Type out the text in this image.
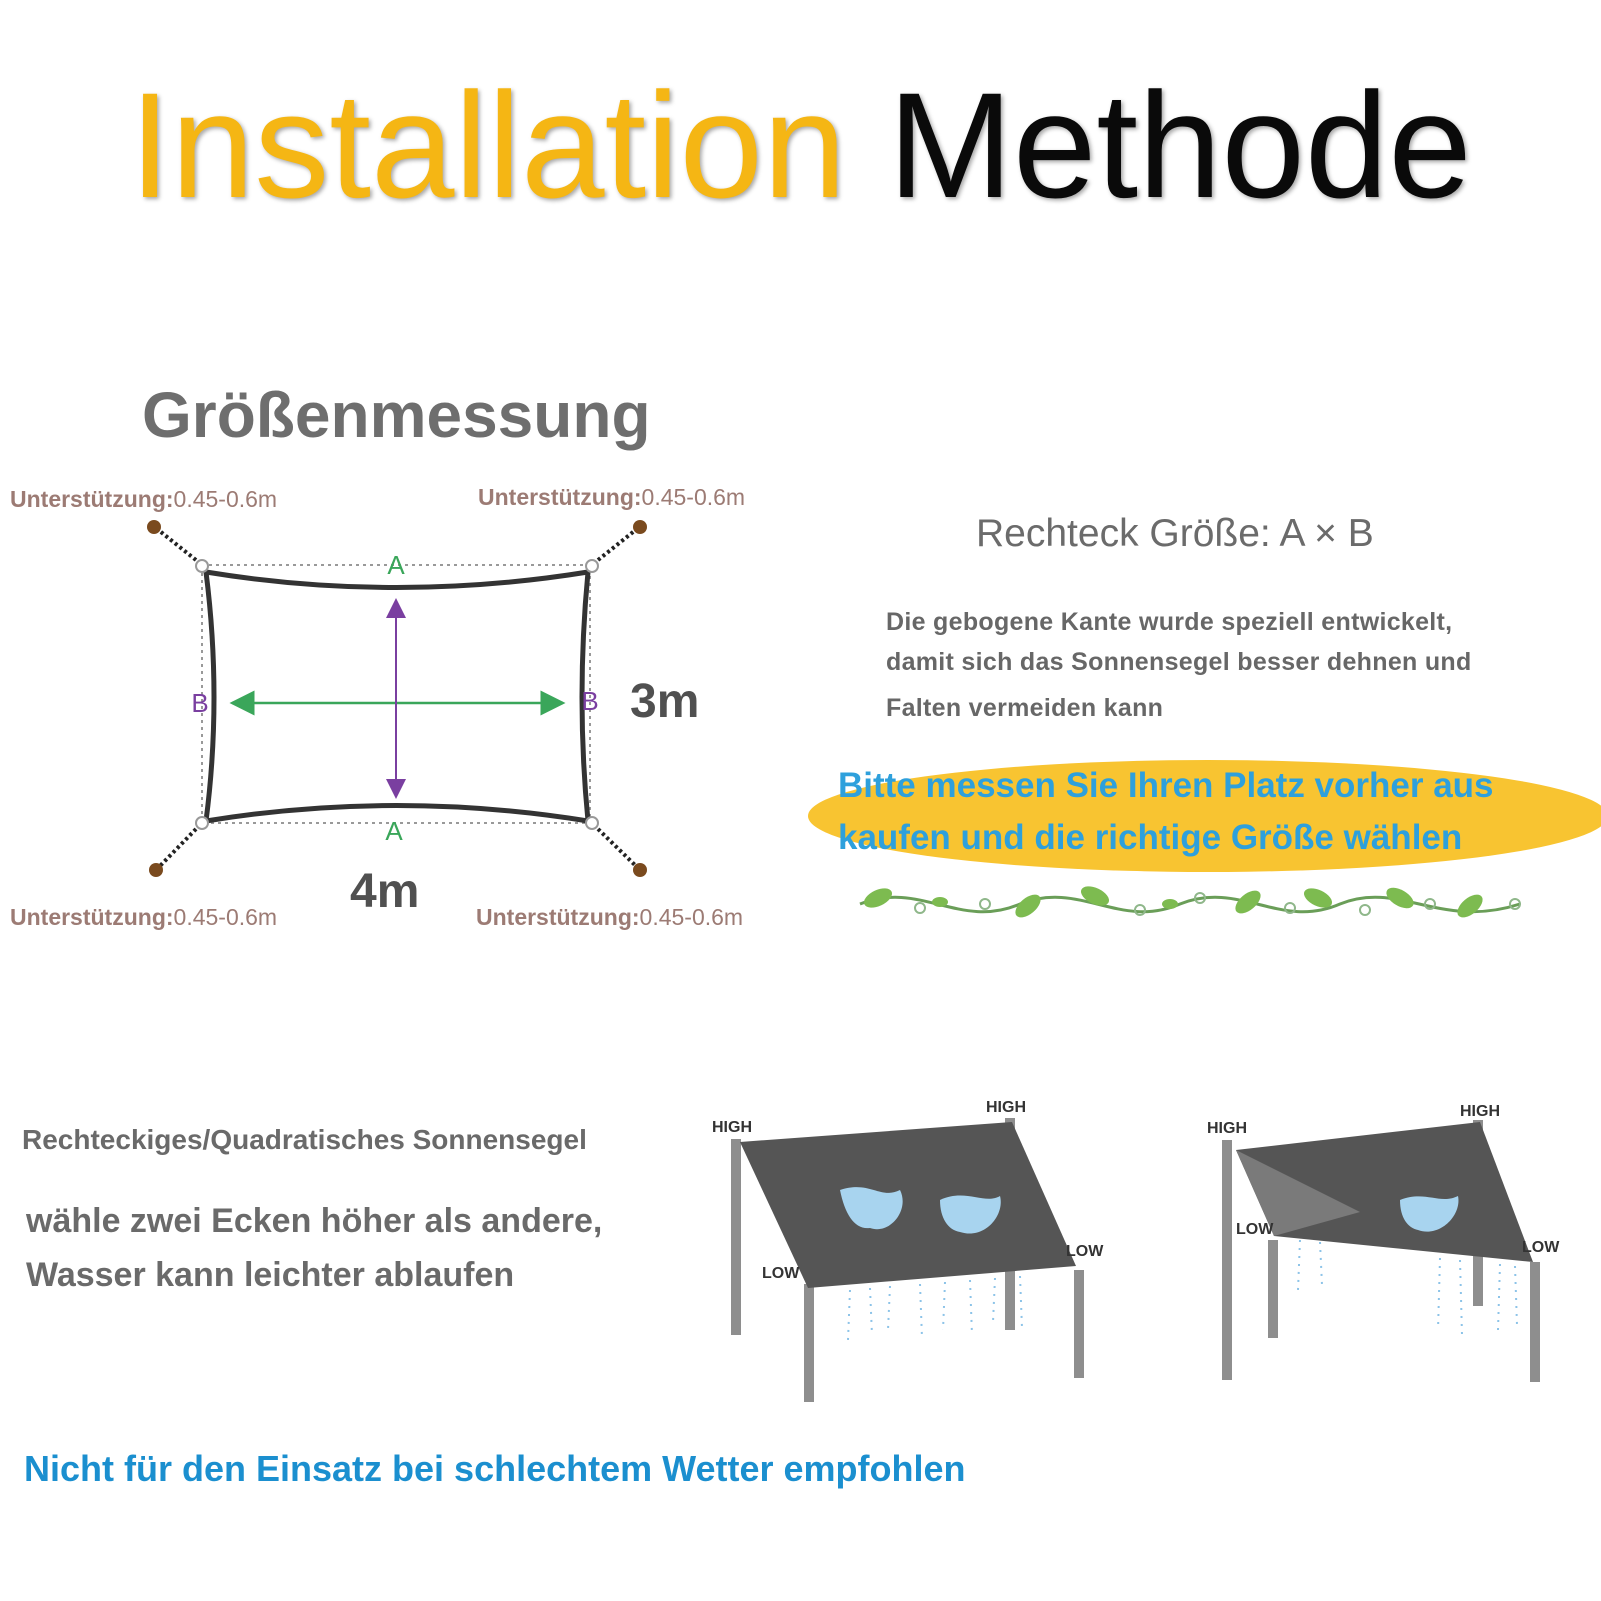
Installation Methode
Größenmessung
Unterstützung:0.45-0.6m	Unterstützung:0.45-0.6m
Unterstützung:0.45-0.6m	Unterstützung:0.45-0.6m
A
A
B	B
HIGH
HIGH
LOW
LOW
HIGH
HIGH
LOW
LOW
3m
4m
Rechteck Größe: A × B
Die gebogene Kante wurde speziell entwickelt,
damit sich das Sonnensegel besser dehnen und
Falten vermeiden kann
Bitte messen Sie Ihren Platz vorher aus
kaufen und die richtige Größe wählen
Rechteckiges/Quadratisches Sonnensegel
wähle zwei Ecken höher als andere,
Wasser kann leichter ablaufen
Nicht für den Einsatz bei schlechtem Wetter empfohlen
